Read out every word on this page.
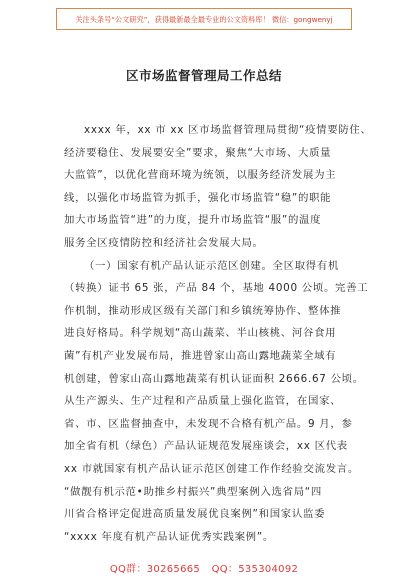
关注头条号“公文研究”，获得最新最全最专业的公文资料库！ 微信：gongwenyj
区市场监督管理局工作总结
xxxx 年，xx 市 xx 区市场监督管理局贯彻“疫情要防住、
经济要稳住、发展要安全”要求，聚焦“大市场、大质量
大监管”，以优化营商环境为统领，以服务经济发展为主
线，以强化市场监管为抓手，强化市场监管“稳”的职能
加大市场监管“进”的力度，提升市场监管“服”的温度
服务全区疫情防控和经济社会发展大局。
（一）国家有机产品认证示范区创建。全区取得有机
（转换）证书 65 张，产品 84 个，基地 4000 公顷。完善工
作机制，推动形成区级有关部门和乡镇统筹协作、整体推
进良好格局。科学规划“高山蔬菜、半山核桃、河谷食用
菌”有机产业发展布局，推进曾家山高山露地蔬菜全域有
机创建，曾家山高山露地蔬菜有机认证面积 2666.67 公顷。
从生产源头、生产过程和产品质量上强化监管，在国家、
省、市、区监督抽查中，未发现不合格有机产品。9 月，参
加全省有机（绿色）产品认证规范发展座谈会，xx 区代表
xx 市就国家有机产品认证示范区创建工作作经验交流发言。
“做靓有机示范•助推乡村振兴”典型案例入选省局“四
川省合格评定促进高质量发展优良案例”和国家认监委
“xxxx 年度有机产品认证优秀实践案例”。
QQ群：30265665 QQ：535304092
